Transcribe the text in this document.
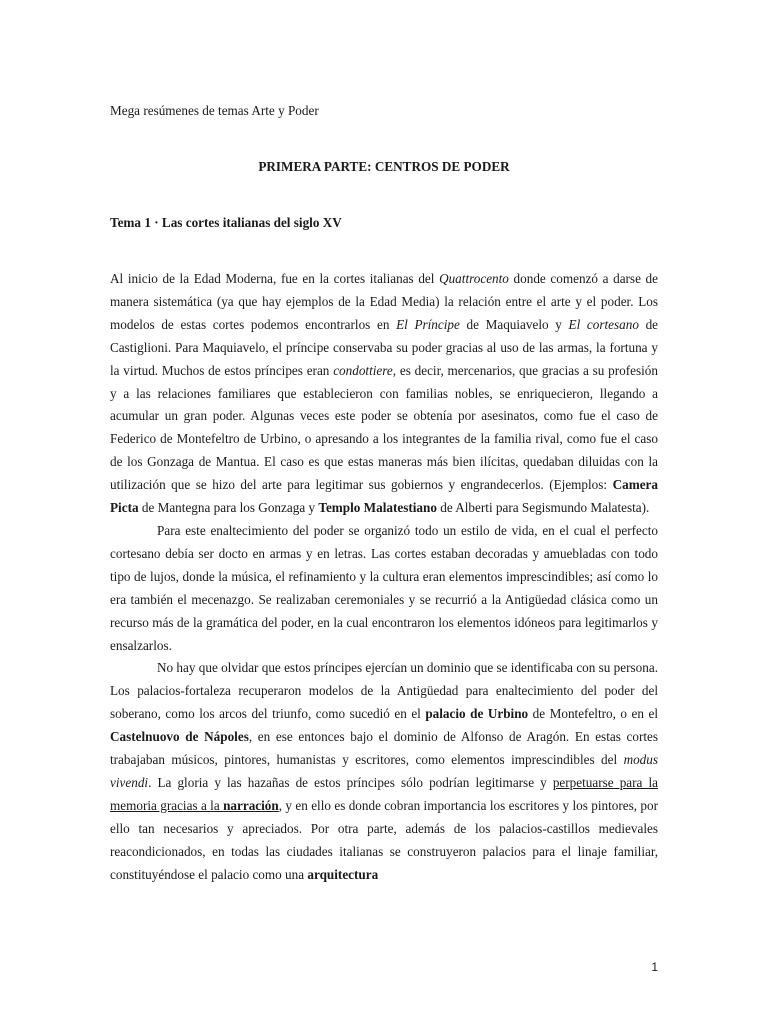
Mega resúmenes de temas Arte y Poder

PRIMERA PARTE: CENTROS DE PODER

Tema 1 · Las cortes italianas del siglo XV

Al inicio de la Edad Moderna, fue en la cortes italianas del Quattrocento donde comenzó a darse de manera sistemática (ya que hay ejemplos de la Edad Media) la relación entre el arte y el poder. Los modelos de estas cortes podemos encontrarlos en El Príncipe de Maquiavelo y El cortesano de Castiglioni. Para Maquiavelo, el príncipe conservaba su poder gracias al uso de las armas, la fortuna y la virtud. Muchos de estos príncipes eran condottiere, es decir, mercenarios, que gracias a su profesión y a las relaciones familiares que establecieron con familias nobles, se enriquecieron, llegando a acumular un gran poder. Algunas veces este poder se obtenía por asesinatos, como fue el caso de Federico de Montefeltro de Urbino, o apresando a los integrantes de la familia rival, como fue el caso de los Gonzaga de Mantua. El caso es que estas maneras más bien ilícitas, quedaban diluidas con la utilización que se hizo del arte para legitimar sus gobiernos y engrandecerlos. (Ejemplos: Camera Picta de Mantegna para los Gonzaga y Templo Malatestiano de Alberti para Segismundo Malatesta).

Para este enaltecimiento del poder se organizó todo un estilo de vida, en el cual el perfecto cortesano debía ser docto en armas y en letras. Las cortes estaban decoradas y amuebladas con todo tipo de lujos, donde la música, el refinamiento y la cultura eran elementos imprescindibles; así como lo era también el mecenazgo. Se realizaban ceremoniales y se recurrió a la Antigüedad clásica como un recurso más de la gramática del poder, en la cual encontraron los elementos idóneos para legitimarlos y ensalzarlos.

No hay que olvidar que estos príncipes ejercían un dominio que se identificaba con su persona. Los palacios-fortaleza recuperaron modelos de la Antigüedad para enaltecimiento del poder del soberano, como los arcos del triunfo, como sucedió en el palacio de Urbino de Montefeltro, o en el Castelnuovo de Nápoles, en ese entonces bajo el dominio de Alfonso de Aragón. En estas cortes trabajaban músicos, pintores, humanistas y escritores, como elementos imprescindibles del modus vivendi. La gloria y las hazañas de estos príncipes sólo podrían legitimarse y perpetuarse para la memoria gracias a la narración, y en ello es donde cobran importancia los escritores y los pintores, por ello tan necesarios y apreciados. Por otra parte, además de los palacios-castillos medievales reacondicionados, en todas las ciudades italianas se construyeron palacios para el linaje familiar, constituyéndose el palacio como una arquitectura

1
